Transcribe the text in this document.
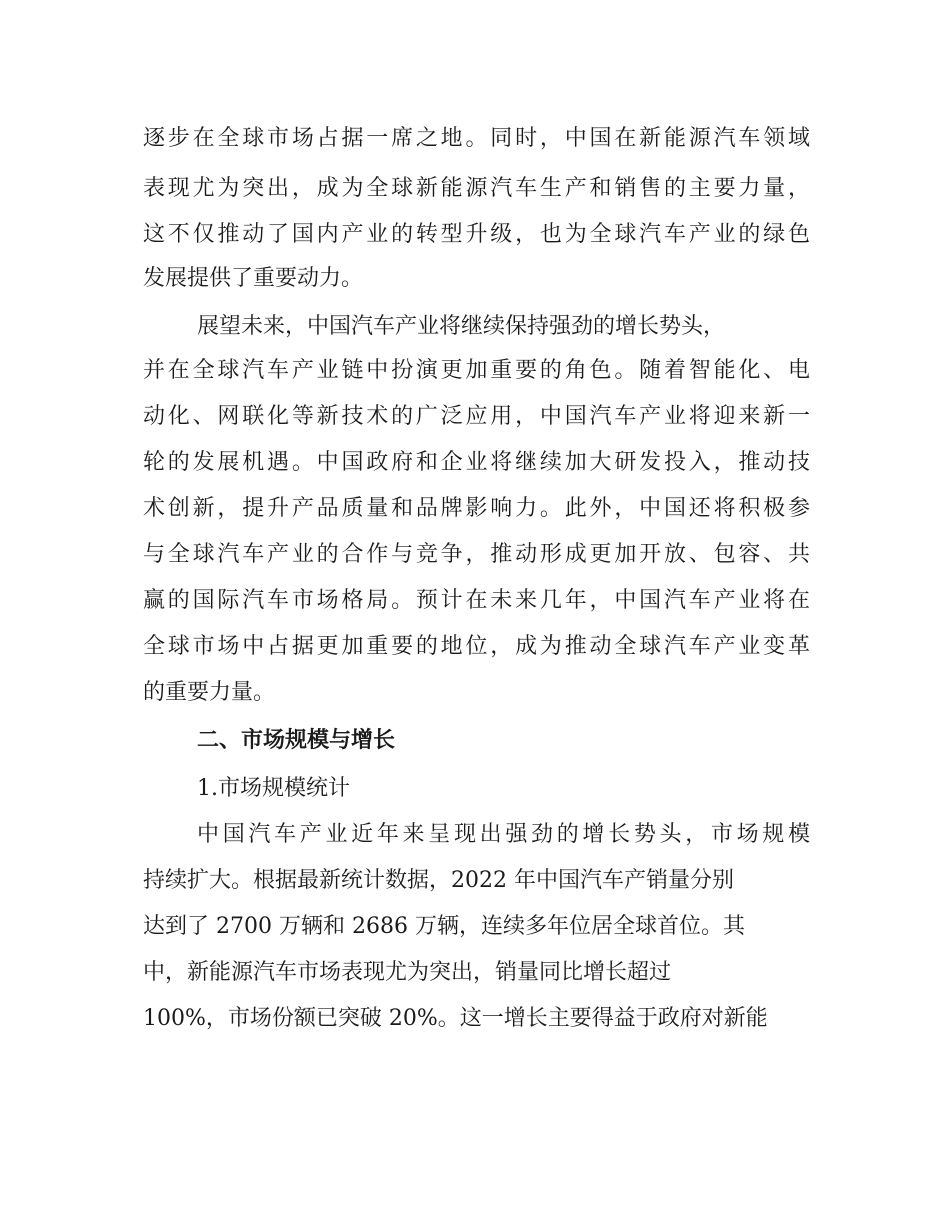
逐步在全球市场占据一席之地。同时，中国在新能源汽车领域
表现尤为突出，成为全球新能源汽车生产和销售的主要力量，
这不仅推动了国内产业的转型升级，也为全球汽车产业的绿色
发展提供了重要动力。
展望未来，中国汽车产业将继续保持强劲的增长势头，
并在全球汽车产业链中扮演更加重要的角色。随着智能化、电
动化、网联化等新技术的广泛应用，中国汽车产业将迎来新一
轮的发展机遇。中国政府和企业将继续加大研发投入，推动技
术创新，提升产品质量和品牌影响力。此外，中国还将积极参
与全球汽车产业的合作与竞争，推动形成更加开放、包容、共
赢的国际汽车市场格局。预计在未来几年，中国汽车产业将在
全球市场中占据更加重要的地位，成为推动全球汽车产业变革
的重要力量。
二、市场规模与增长
1.市场规模统计
中国汽车产业近年来呈现出强劲的增长势头，市场规模
持续扩大。根据最新统计数据，2022 年中国汽车产销量分别
达到了 2700 万辆和 2686 万辆，连续多年位居全球首位。其
中，新能源汽车市场表现尤为突出，销量同比增长超过
100%，市场份额已突破 20%。这一增长主要得益于政府对新能
